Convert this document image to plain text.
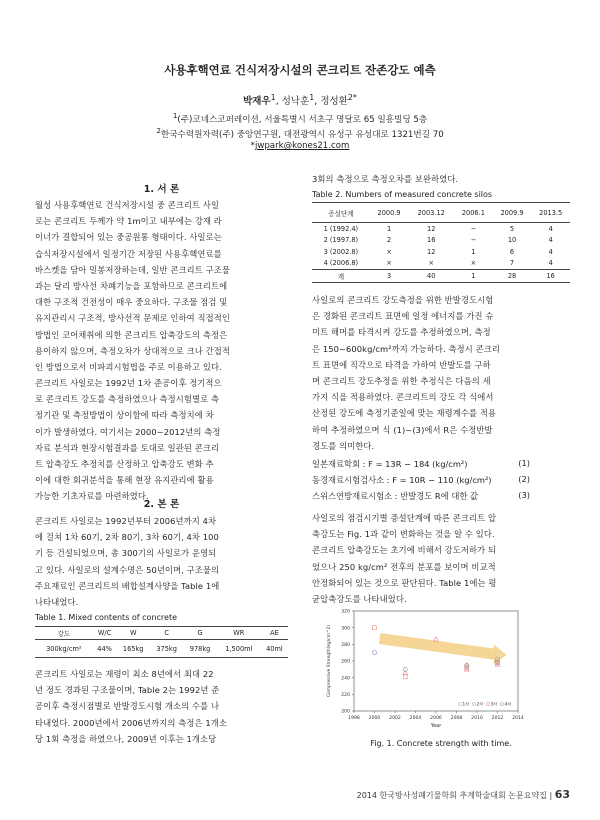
사용후핵연료 건식저장시설의 콘크리트 잔존강도 예측
박재우$^1$, 성낙훈$^1$, 정성환$^{2*}$
$^1$(주)코네스코퍼레이션, 서울특별시 서초구 명달로 65 일흥빌딩 5층
$^2$한국수력원자력(주) 중앙연구원, 대전광역시 유성구 유성대로 1321번길 70
*jwpark@kones21.com
1. 서 론
월성 사용후핵연료 건식저장시설 중 콘크리트 사일
로는 콘크리트 두께가 약 1m이고 내부에는 강재 라
이너가 결합되어 있는 중공원통 형태이다. 사일로는
습식저장시설에서 일정기간 저장된 사용후핵연료를
바스켓을 담아 밀봉저장하는데, 일반 콘크리트 구조물
과는 달리 방사선 차폐기능을 포함하므로 콘크리트에
대한 구조적 건전성이 매우 중요하다. 구조물 점검 및
유지관리시 구조적, 방사선적 문제로 인하여 직접적인
방법인 코어채취에 의한 콘크리트 압축강도의 측정은
용이하지 않으며, 측정오차가 상대적으로 크나 간접적
인 방법으로서 비파괴시험법을 주로 이용하고 있다.
콘크리트 사일로는 1992년 1차 준공이후 정기적으
로 콘크리트 강도를 측정하였으나 측정시험별로 측
정기관 및 측정방법이 상이함에 따라 측정치에 차
이가 발생하였다. 여기서는 2000~2012년의 측정
자료 분석과 현장시험결과를 토대로 일관된 콘크리
트 압축강도 추정치를 산정하고 압축강도 변화 추
이에 대한 회귀분석을 통해 현장 유지관리에 활용
가능한 기초자료를 마련하였다.
2. 본 론
콘크리트 사일로는 1992년부터 2006년까지 4차
에 걸쳐 1차 60기, 2차 80기, 3차 60기, 4차 100
기 등 건설되었으며, 총 300기의 사일로가 운영되
고 있다. 사일로의 설계수명은 50년이며, 구조물의
주요재료인 콘크리트의 배합설계사양을 Table 1에
나타내었다.
Table 1. Mixed contents of concrete
강도	W/C	W	C	G	WR	AE
300kg/cm²	44%	165kg	375kg	978kg	1,500ml	40ml
콘크리트 사일로는 재령이 최소 8년에서 최대 22
년 정도 경과된 구조물이며, Table 2는 1992년 준
공이후 측정시점별로 반발경도시험 개소의 수를 나
타내었다. 2000년에서 2006년까지의 측정은 1개소
당 1회 측정을 하였으나, 2009년 이후는 1개소당
3회의 측정으로 측정오차를 보완하였다.
Table 2. Numbers of measured concrete silos
증설단계	2000.9	2003.12	2006.1	2009.9	2013.5
1 (1992.4)	1	12	−	5	4
2 (1997.8)	2	16	−	10	4
3 (2002.8)	×	12	1	6	4
4 (2006.8)	×	×	×	7	4
계	3	40	1	28	16
사일로의 콘크리트 강도측정을 위한 반발경도시험
은 경화된 콘크리트 표면에 일정 에너지를 가진 슈
미트 해머를 타격시켜 강도를 추정하였으며, 측정
은 150~600kg/cm²까지 가능하다. 측정시 콘크리
트 표면에 직각으로 타격을 가하여 반발도를 구하
며 콘크리트 강도추정을 위한 추정식은 다음의 세
가지 식을 적용하였다. 콘크리트의 강도 각 식에서
산정된 강도에 측정기준일에 맞는 재령계수를 적용
하여 추정하였으며 식 (1)~(3)에서 R은 수정반발
경도를 의미한다.
일본재료학회 : F = 13R − 184 (kg/cm²)	(1)
동경재료시험검사소 : F = 10R − 110 (kg/cm²)	(2)
스위스연방재료시험소 : 반발경도 R에 대한 값	(3)
사일로의 점검시기별 증설단계에 따른 콘크리트 압
축강도는 Fig. 1과 같이 변화하는 것을 알 수 있다.
콘크리트 압축강도는 초기에 비해서 강도저하가 되
었으나 250 kg/cm² 전후의 분포를 보이며 비교적
안정화되어 있는 것으로 판단된다. Table 1에는 평
균압축강도를 나타내었다.
1998 2000 2002 2004 2006 2008 2010 2012 2014
200
220
240
260
280
300
320
Year
Compressive Strength(kg/cm^2)
1차 2차 3차 4차
Fig. 1. Concrete strength with time.
2014 한국방사성폐기물학회 추계학술대회 논문요약집 | 63
